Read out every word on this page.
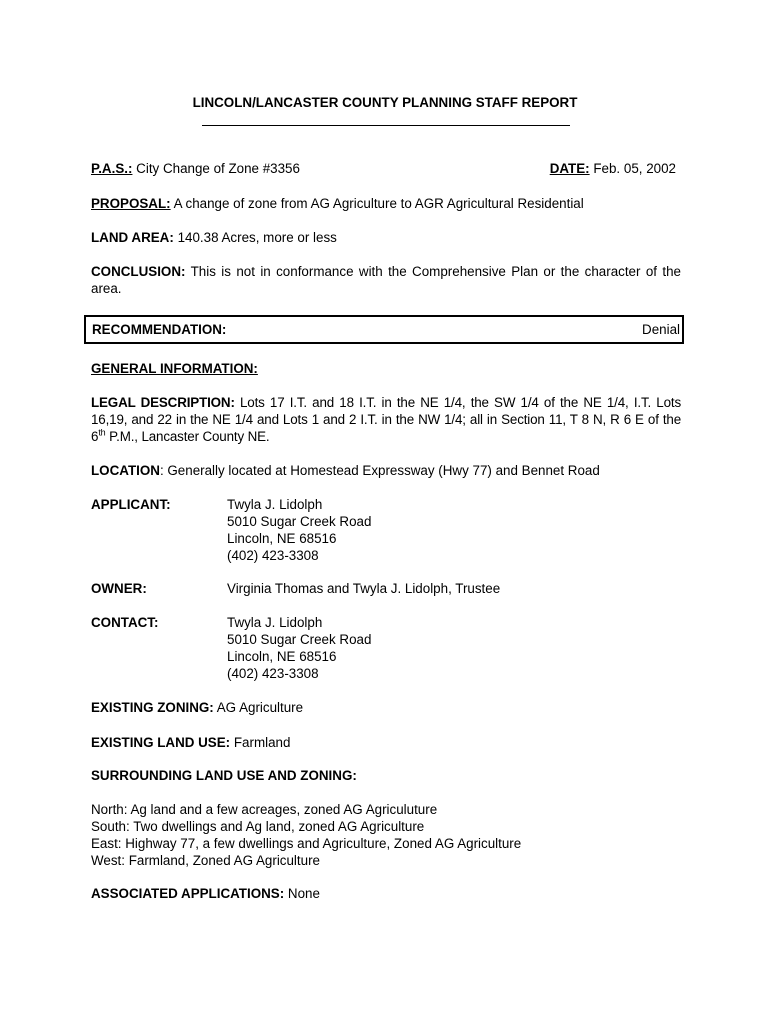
LINCOLN/LANCASTER COUNTY PLANNING STAFF REPORT
P.A.S.: City Change of Zone #3356	DATE: Feb. 05, 2002
PROPOSAL: A change of zone from AG Agriculture to AGR Agricultural Residential
LAND AREA: 140.38 Acres, more or less
CONCLUSION: This is not in conformance with the Comprehensive Plan or the character of the area.
RECOMMENDATION:	Denial
GENERAL INFORMATION:
LEGAL DESCRIPTION: Lots 17 I.T. and 18 I.T. in the NE 1/4, the SW 1/4 of the NE 1/4, I.T. Lots 16,19, and 22 in the NE 1/4 and Lots 1 and 2 I.T. in the NW 1/4; all in Section 11, T 8 N, R 6 E of the 6th P.M., Lancaster County NE.
LOCATION: Generally located at Homestead Expressway (Hwy 77) and Bennet Road
APPLICANT:	Twyla J. Lidolph
5010 Sugar Creek Road
Lincoln, NE 68516
(402) 423-3308
OWNER:	Virginia Thomas and Twyla J. Lidolph, Trustee
CONTACT:	Twyla J. Lidolph
5010 Sugar Creek Road
Lincoln, NE 68516
(402) 423-3308
EXISTING ZONING: AG Agriculture
EXISTING LAND USE: Farmland
SURROUNDING LAND USE AND ZONING:
North: Ag land and a few acreages, zoned AG Agriculuture
South: Two dwellings and Ag land, zoned AG Agriculture
East: Highway 77, a few dwellings and Agriculture, Zoned AG Agriculture
West: Farmland, Zoned AG Agriculture
ASSOCIATED APPLICATIONS: None
